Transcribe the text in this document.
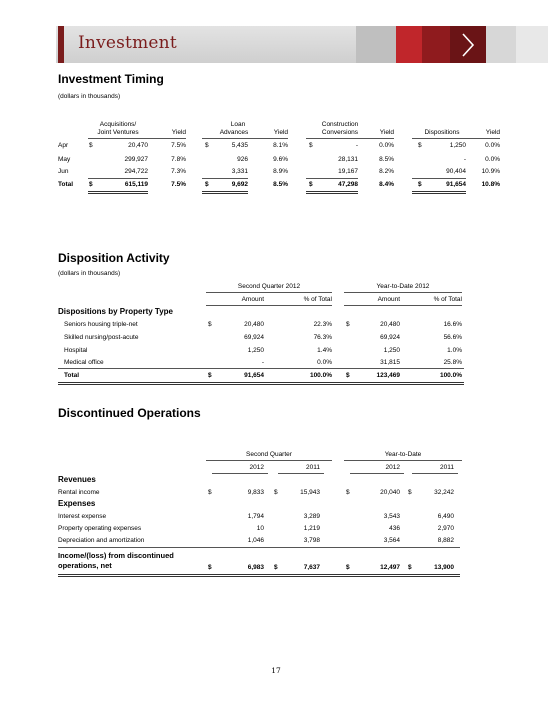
Investment
Investment Timing
(dollars in thousands)
Acquisitions/
Joint Ventures	Yield
Loan
Advances	Yield
Construction
Conversions	Yield	Dispositions	Yield
Apr	$	20,470	7.5%	$	5,435	8.1%	$	-	0.0%	$	1,250	0.0%
May	299,927	7.8%	926	9.6%	28,131	8.5%	-	0.0%
Jun	294,722	7.3%	3,331	8.9%	19,167	8.2%	90,404	10.9%
Total $	615,119	7.5%	$	9,692	8.5%	$	47,298	8.4%	$	91,654	10.8%
Disposition Activity
(dollars in thousands)
Second Quarter 2012	Year-to-Date 2012
Amount	% of Total	Amount	% of Total
Dispositions by Property Type
Seniors housing triple-net	$	20,480	22.3% $	20,480	16.6%
Skilled nursing/post-acute	69,924	76.3%	69,924	56.6%
Hospital	1,250	1.4%	1,250	1.0%
Medical office	-	0.0%	31,815	25.8%
Total	$	91,654	100.0% $	123,469	100.0%
Discontinued Operations
Second Quarter	Year-to-Date
2012	2011	2012	2011
Revenues
Rental income	$	9,833 $	15,943	$	20,040 $	32,242
Expenses
Interest expense	1,794	3,289	3,543	6,490
Property operating expenses	10	1,219	436	2,970
Depreciation and amortization	1,046	3,798	3,564	8,882
Income/(loss) from discontinued
operations, net	$	6,983 $	7,637	$	12,497 $	13,900
17
